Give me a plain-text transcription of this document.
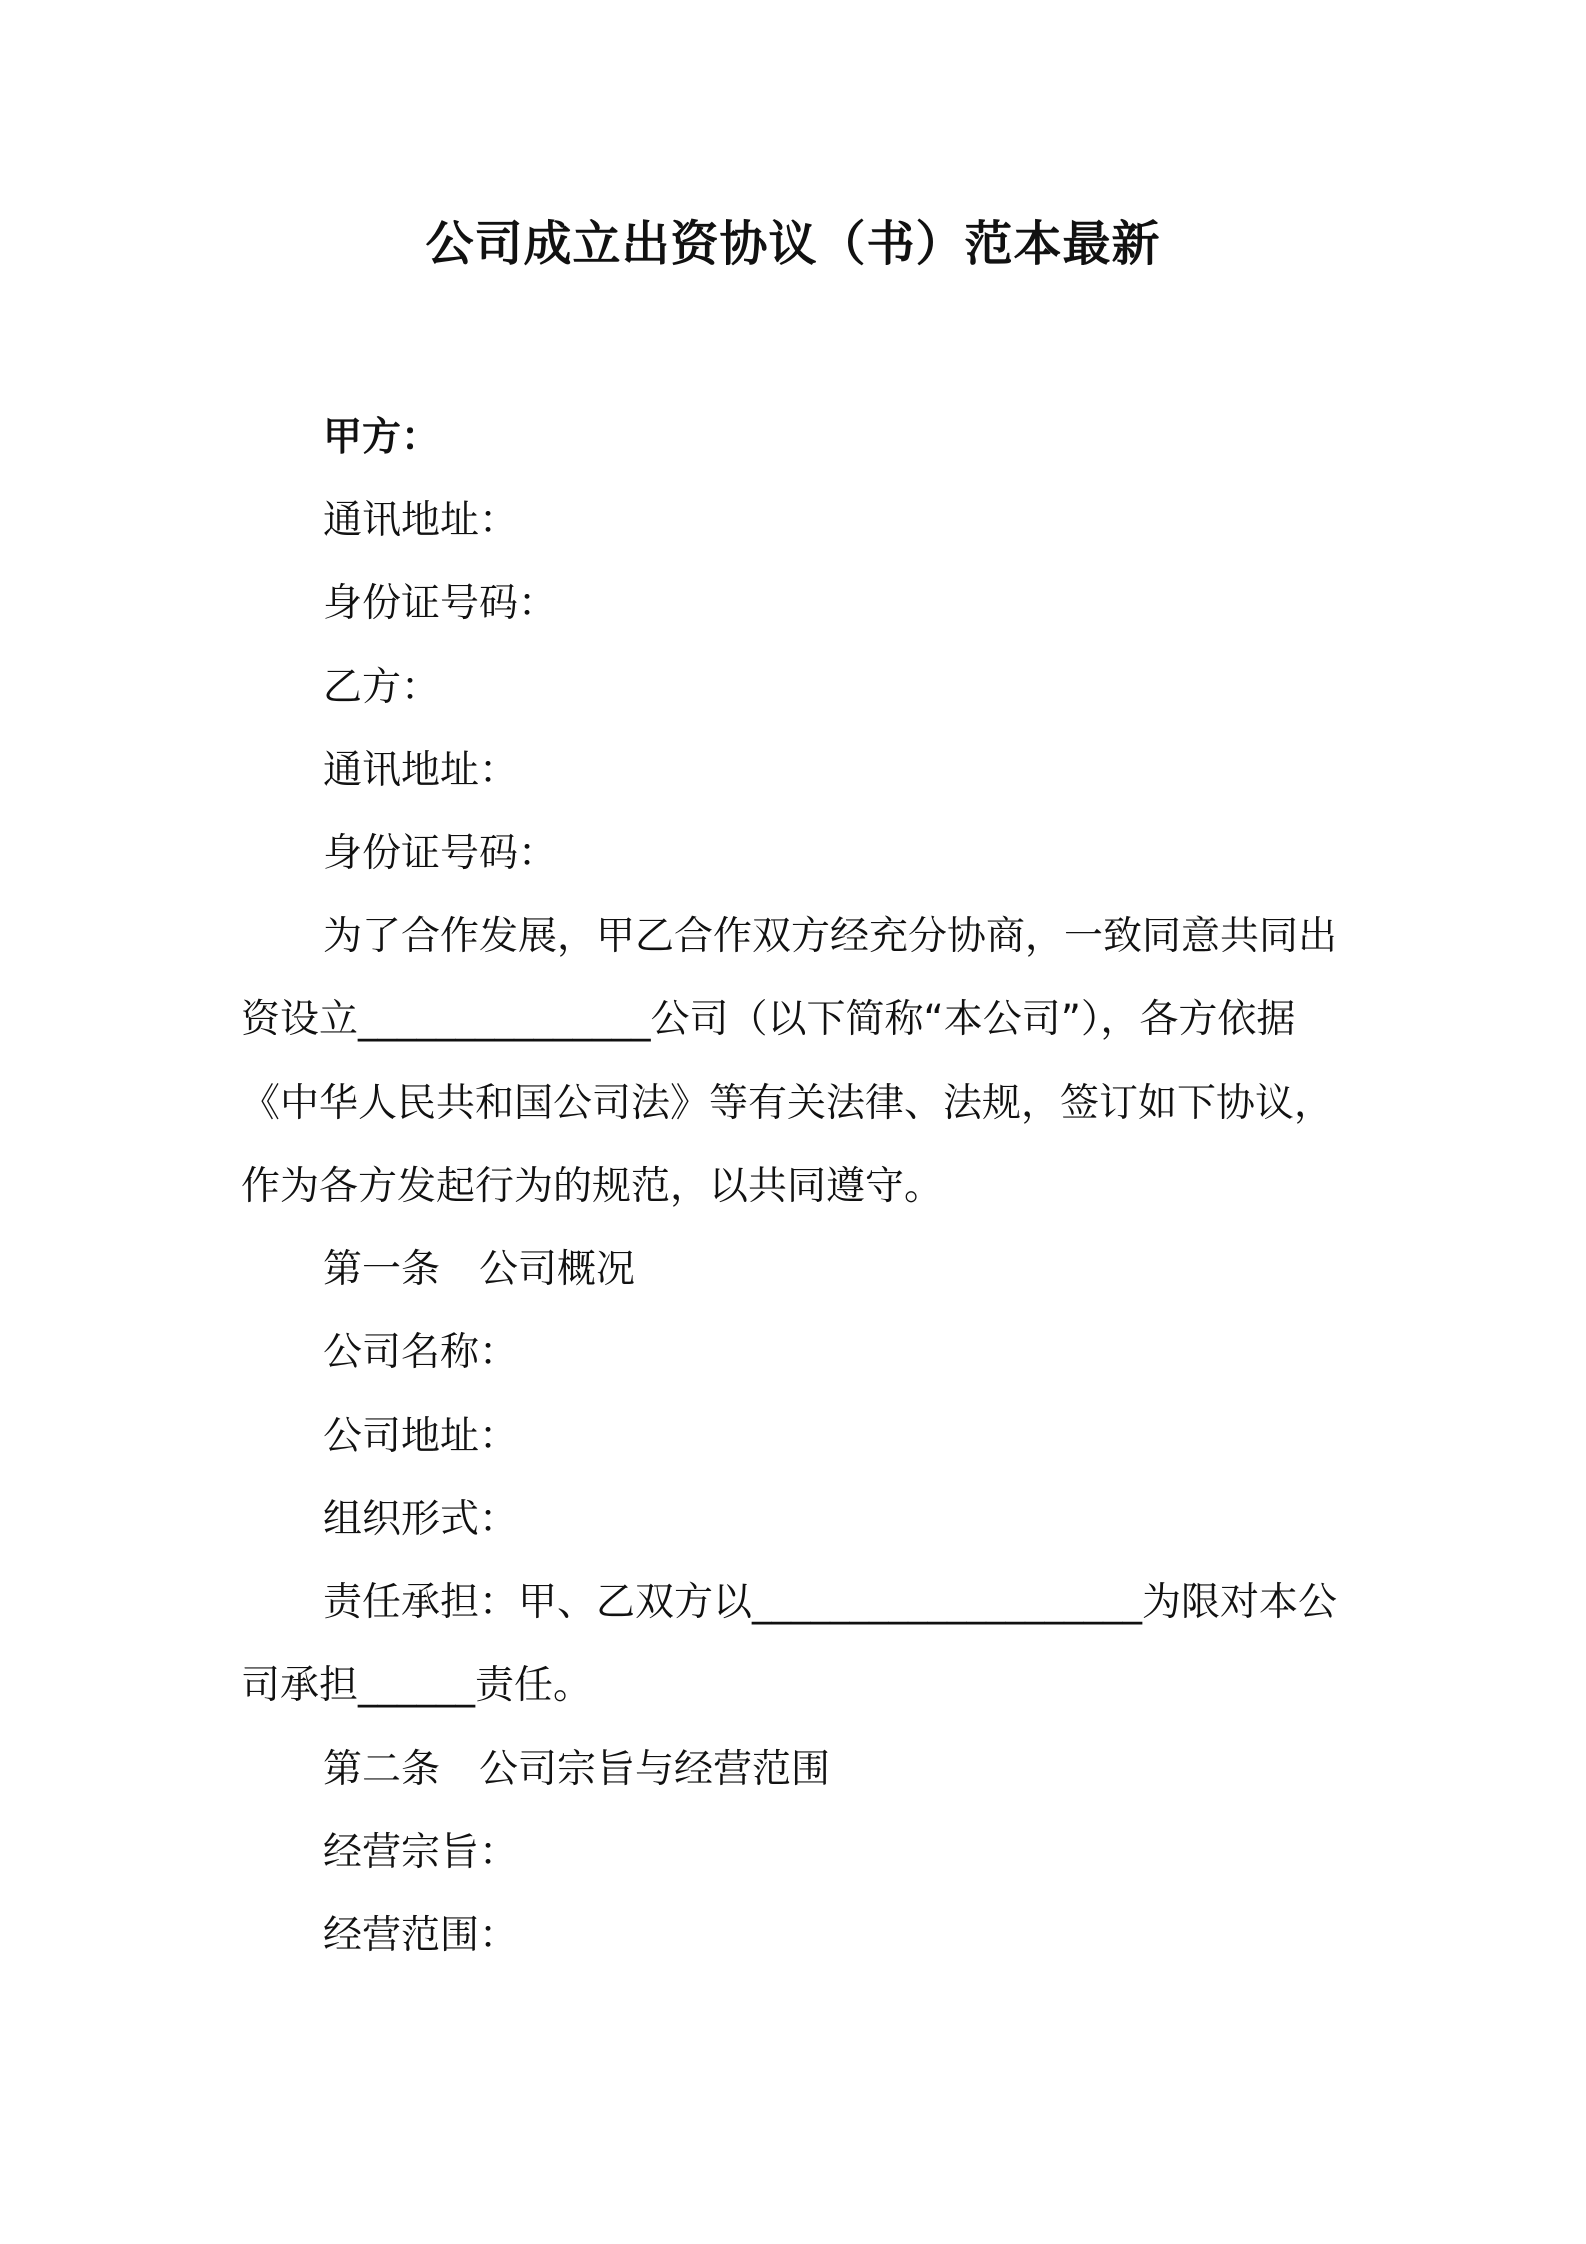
公司成立出资协议（书）范本最新
甲方：
通讯地址：
身份证号码：
乙方：
通讯地址：
身份证号码：
为了合作发展，甲乙合作双方经充分协商，一致同意共同出
资设立_______________公司（以下简称“本公司”），各方依据
《中华人民共和国公司法》等有关法律、法规，签订如下协议，
作为各方发起行为的规范，以共同遵守。
第一条　公司概况
公司名称：
公司地址：
组织形式：
责任承担：甲、乙双方以____________________为限对本公
司承担______责任。
第二条　公司宗旨与经营范围
经营宗旨：
经营范围：
